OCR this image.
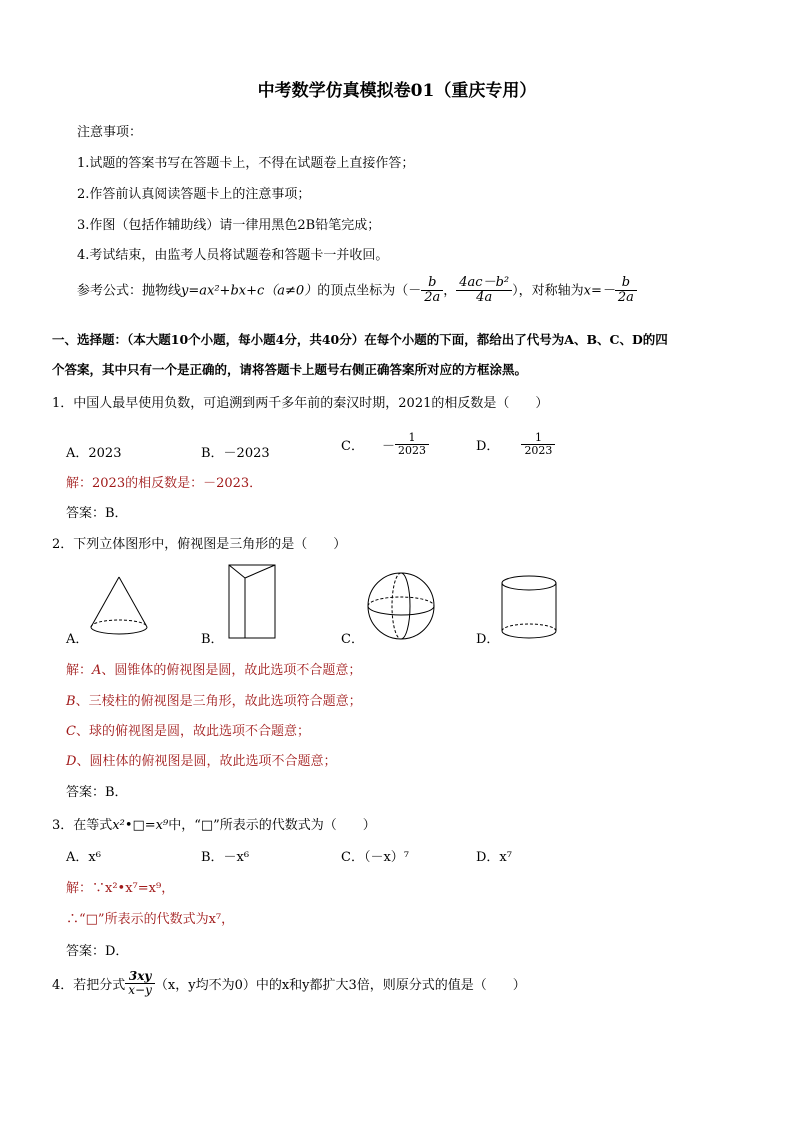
中考数学仿真模拟卷01（重庆专用）
注意事项：
1.试题的答案书写在答题卡上，不得在试题卷上直接作答；
2.作答前认真阅读答题卡上的注意事项；
3.作图（包括作辅助线）请一律用黑色2B铅笔完成；
4.考试结束，由监考人员将试题卷和答题卡一并收回。
参考公式：抛物线y=ax²+bx+c（a≠0）的顶点坐标为（－ $\frac{b}{2a}$ ， $\frac{\text{4ac－b²}}{4a}$ ），对称轴为$x=- \frac{b}{2a}$
一、选择题：（本大题10个小题，每小题4分，共40分）在每个小题的下面，都给出了代号为A、B、C、D的四
个答案，其中只有一个是正确的，请将答题卡上题号右侧正确答案所对应的方框涂黑。
1．中国人最早使用负数，可追溯到两千多年前的秦汉时期，2021的相反数是（　　）
A．2023	B．－2023	C． － $\frac{1}{2023}$	D． $\frac{1}{2023}$
解：2023的相反数是：－2023．
答案：B．
2．下列立体图形中，俯视图是三角形的是（　　）
A．	B．	C．	D．
解：A、圆锥体的俯视图是圆，故此选项不合题意；
B、三棱柱的俯视图是三角形，故此选项符合题意；
C、球的俯视图是圆，故此选项不合题意；
D、圆柱体的俯视图是圆，故此选项不合题意；
答案：B．
3．在等式x²•□=x⁹中，“□”所表示的代数式为（　　）
A．x⁶	B．－x⁶	C．（－x）⁷	D．x⁷
解：∵x²•x⁷=x⁹，
∴“□”所表示的代数式为x⁷，
答案：D．
4．若把分式 $\frac{3xy}{x-y} (x$，y均不为0）中的x和y都扩大3倍，则原分式的值是（　　）
